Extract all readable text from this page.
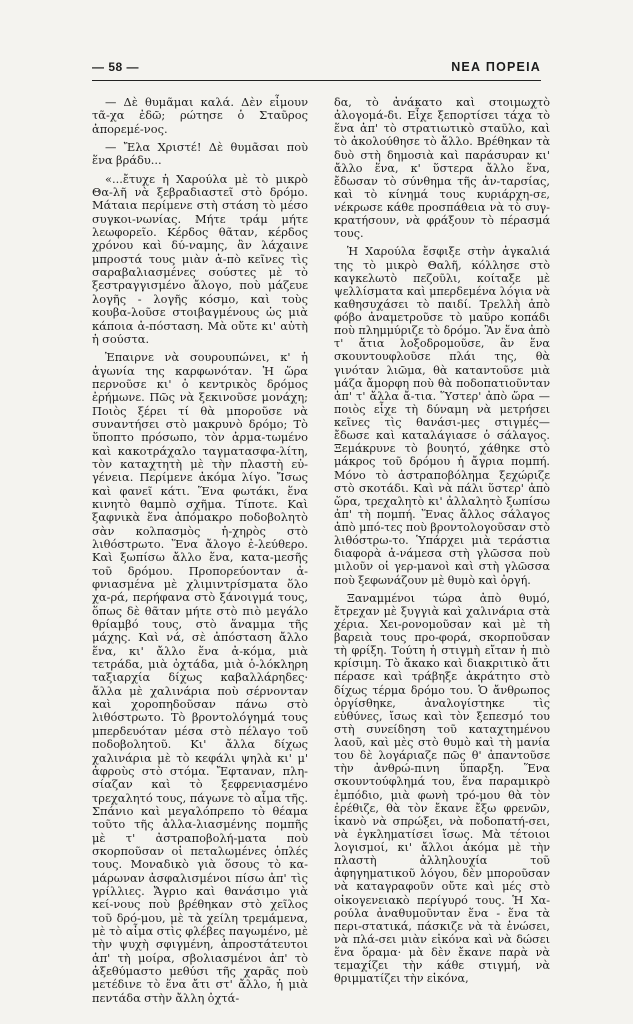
— 58 —	ΝΕΑ ΠΟΡΕΙΑ

— Δὲ θυμᾶμαι καλά. Δὲν εἶμουν τᾶ-χα ἐδῶ; ρώτησε ὁ Σταῦρος ἀπορεμέ-νος.

— Ἔλα Χριστέ! Δὲ θυμᾶσαι ποὺ ἕνα βράδυ...

«...ἔτυχε ἡ Χαρούλα μὲ τὸ μικρὸ Θα-λῆ νὰ ξεβραδιαστεῖ στὸ δρόμο. Μάταια περίμενε στὴ στάση τὸ μέσο συγκοι-νωνίας. Μήτε τράμ μήτε λεωφορεῖο. Κέρδος θᾶταν, κέρδος χρόνου καὶ δύ-ναμης, ἂν λάχαινε μπροστά τους μιὰν ἀ-πὸ κεῖνες τὶς σαραβαλιασμένες σούστες μὲ τὸ ξεστραγγισμένο ἄλογο, ποὺ μάζευε λογῆς - λογῆς κόσμο, καὶ τοὺς κουβα-λοῦσε στοιβαγμένους ὡς μιὰ κάποια ἀ-πόσταση. Μὰ οὔτε κι' αὐτὴ ἡ σούστα.

Ἐπαιρνε νὰ σουρουπώνει, κ' ἡ ἀγωνία της καρφωνόταν. Ἡ ὥρα περνοῦσε κι' ὁ κεντρικὸς δρόμος ἐρήμωνε. Πῶς νὰ ξεκινοῦσε μονάχη; Ποιὸς ξέρει τί θὰ μποροῦσε νὰ συναντήσει στὸ μακρυνὸ δρόμο; Τὸ ὕποπτο πρόσωπο, τὸν ἀρμα-τωμένο καὶ κακοτράχαλο ταγματασφα-λίτη, τὸν καταχτητὴ μὲ τὴν πλαστὴ εὐ-γένεια. Περίμενε ἀκόμα λίγο. Ἴσως καὶ φανεῖ κάτι. Ἕνα φωτάκι, ἕνα κινητὸ θαμπὸ σχῆμα. Τίποτε. Καὶ ξαφνικὰ ἕνα ἀπόμακρο ποδοβολητὸ σὰν κολπασμὸς ἠ-χηρὸς στὸ λιθόστρωτο. Ἕνα ἄλογο ἐ-λεύθερο. Καὶ ξωπίσω ἄλλο ἕνα, κατα-μεσῆς τοῦ δρόμου. Προπορεύονταν ἀ-φνιασμένα μὲ χλιμιντρίσματα ὅλο χα-ρά, περήφανα στὸ ξάνοιγμά τους, ὅπως δὲ θᾶταν μήτε στὸ πιὸ μεγάλο θρίαμβό τους, στὸ ἅναμμα τῆς μάχης. Καὶ νά, σὲ ἀπόσταση ἄλλο ἕνα, κι' ἄλλο ἕνα ἀ-κόμα, μιὰ τετράδα, μιὰ ὀχτάδα, μιὰ ὁ-λόκληρη ταξιαρχία δίχως καβαλλάρηδες· ἄλλα μὲ χαλινάρια ποὺ σέρνονταν καὶ χοροπηδοῦσαν πάνω στὸ λιθόστρωτο. Τὸ βροντολόγημά τους μπερδευόταν μέσα στὸ πέλαγο τοῦ ποδοβολητοῦ. Κι' ἄλλα δίχως χαλινάρια μὲ τὸ κεφάλι ψηλὰ κι' μ' ἀφροὺς στὸ στόμα. Ἔφταναν, πλη-σίαζαν καὶ τὸ ξεφρενιασμένο τρεχαλητό τους, πάγωνε τὸ αἷμα τῆς. Σπάνιο καὶ μεγαλόπρεπο τὸ θέαμα τοῦτο τῆς ἀλλα-λιασμένης πομπῆς μὲ τ' ἀστραποβολή-ματα ποὺ σκορποῦσαν οἱ πεταλωμένες ὁπλές τους. Μοναδικὸ γιὰ ὅσους τὸ κα-μάρωναν ἀσφαλισμένοι πίσω ἀπ' τὶς γρίλλιες. Ἄγριο καὶ θανάσιμο γιὰ κεί-νους ποὺ βρέθηκαν στὸ χεῖλος τοῦ δρό-μου, μὲ τὰ χείλη τρεμάμενα, μὲ τὸ αἷμα στὶς φλέβες παγωμένο, μὲ τὴν ψυχὴ σφιγμένη, ἀπροστάτευτοι ἀπ' τὴ μοίρα, σβολιασμένοι ἀπ' τὸ ἀξεθύμαστο μεθύσι τῆς χαρᾶς ποὺ μετέδινε τὸ ἕνα ἄτι στ' ἄλλο, ἡ μιὰ πεντάδα στὴν ἄλλη ὀχτά-

δα, τὸ ἀνάκατο καὶ στοιμωχτὸ ἀλογομά-δι. Εἶχε ξεπορτίσει τάχα τὸ ἕνα ἀπ' τὸ στρατιωτικὸ σταῦλο, καὶ τὸ ἀκολούθησε τὸ ἄλλο. Βρέθηκαν τὰ δυὸ στὴ δημοσιὰ καὶ παράσυραν κι' ἄλλο ἕνα, κ' ὕστερα ἄλλο ἕνα, ἔδωσαν τὸ σύνθημα τῆς ἀν-ταρσίας, καὶ τὸ κίνημά τους κυριάρχη-σε, νέκρωσε κάθε προσπάθεια νὰ τὸ συγ-κρατήσουν, νὰ φράξουν τὸ πέρασμά τους.

Ἡ Χαρούλα ἔσφιξε στὴν ἀγκαλιά της τὸ μικρὸ Θαλῆ, κόλλησε στὸ καγκελωτὸ πεζοῦλι, κοίταξε μὲ ψελλίσματα καὶ μπερδεμένα λόγια νὰ καθησυχάσει τὸ παιδί. Τρελλὴ ἀπὸ φόβο ἀναμετροῦσε τὸ μαῦρο κοπάδι ποὺ πλημμύριζε τὸ δρόμο. Ἂν ἕνα ἀπὸ τ' ἄτια λοξοδρομοῦσε, ἂν ἕνα σκουντουφλοῦσε πλάι της, θὰ γινόταν λιῶμα, θὰ καταντοῦσε μιὰ μάζα ἄμορφη ποὺ θὰ ποδοπατιοῦνταν ἀπ' τ' ἄλλα ἄ-τια. Ὕστερ' ἀπὸ ὥρα —ποιὸς εἶχε τὴ δύναμη νὰ μετρήσει κεῖνες τὶς θανάσι-μες στιγμές— ἔδωσε καὶ καταλάγιασε ὁ σάλαγος. Ξεμάκρυνε τὸ βουητό, χάθηκε στὸ μάκρος τοῦ δρόμου ἡ ἄγρια πομπή. Μόνο τὸ ἀστραποβόλημα ξεχώριζε στὸ σκοτάδι. Καὶ νὰ πάλι ὕστερ' ἀπὸ ὥρα, τρεχαλητὸ κι' ἀλλαλητὸ ξωπίσω ἀπ' τὴ πομπή. Ἕνας ἄλλος σάλαγος ἀπὸ μπό-τες ποὺ βροντολογοῦσαν στὸ λιθόστρω-το. Ὑπάρχει μιὰ τεράστια διαφορὰ ἀ-νάμεσα στὴ γλῶσσα ποὺ μιλοῦν οἱ γερ-μανοὶ καὶ στὴ γλῶσσα ποὺ ξεφωνάζουν μὲ θυμὸ καὶ ὀργή.

Ξαναμμένοι τώρα ἀπὸ θυμό, ἔτρεχαν μὲ ξυγγιὰ καὶ χαλινάρια στὰ χέρια. Χει-ρονομοῦσαν καὶ μὲ τὴ βαρειὰ τους προ-φορά, σκορποῦσαν τὴ φρίξη. Τούτη ἡ στιγμὴ εἴταν ἡ πιὸ κρίσιμη. Τὸ ἄκακο καὶ διακριτικὸ ἄτι πέρασε καὶ τράβηξε ἀκράτητο στὸ δίχως τέρμα δρόμο του. Ὁ ἄνθρωπος ὀργίσθηκε, ἀναλογίστηκε τὶς εὐθύνες, ἴσως καὶ τὸν ξεπεσμό του στὴ συνείδηση τοῦ καταχτημένου λαοῦ, καὶ μὲς στὸ θυμὸ καὶ τὴ μανία του δὲ λογάριαζε πῶς θ' ἀπαντοῦσε τὴν ἀνθρώ-πινη ὕπαρξη. Ἕνα σκουντούφλημά του, ἕνα παραμικρὸ ἐμπόδιο, μιὰ φωνὴ τρό-μου θὰ τὸν ἐρέθιζε, θὰ τὸν ἔκανε ἔξω φρενῶν, ἱκανὸ νὰ σπρώξει, νὰ ποδοπατή-σει, νὰ ἐγκληματίσει ἴσως. Μὰ τέτοιοι λογισμοί, κι' ἄλλοι ἀκόμα μὲ τὴν πλαστὴ ἀλληλουχία τοῦ ἀφηγηματικοῦ λόγου, δὲν μποροῦσαν νὰ καταγραφοῦν οὔτε καὶ μές στὸ οἰκογενειακὸ περίγυρό τους. Ἡ Χα-ρούλα ἀναθυμοῦνταν ἕνα - ἕνα τὰ περι-στατικά, πάσκιζε νὰ τὰ ἑνώσει, νὰ πλά-σει μιὰν εἰκόνα καὶ νὰ δώσει ἕνα ὅραμα· μὰ δὲν ἔκανε παρὰ νὰ τεμαχίζει τὴν κάθε στιγμή, νὰ θριμματίζει τὴν εἰκόνα,
